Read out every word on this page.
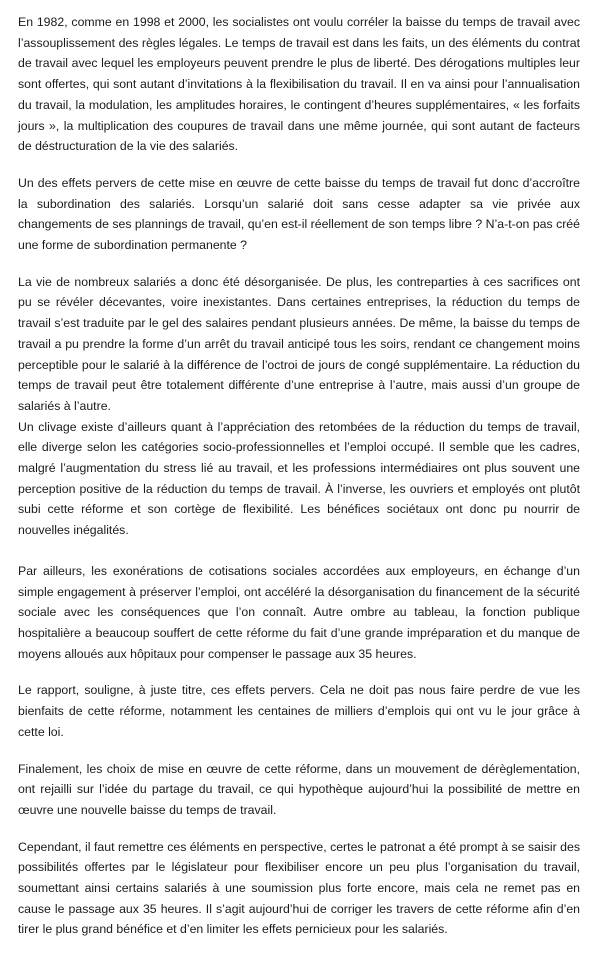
En 1982, comme en 1998 et 2000, les socialistes ont voulu corréler la baisse du temps de travail avec l’assouplissement des règles légales. Le temps de travail est dans les faits, un des éléments du contrat de travail avec lequel les employeurs peuvent prendre le plus de liberté. Des dérogations multiples leur sont offertes, qui sont autant d’invitations à la flexibilisation du travail. Il en va ainsi pour l’annualisation du travail, la modulation, les amplitudes horaires, le contingent d’heures supplémentaires, « les forfaits jours », la multiplication des coupures de travail dans une même journée, qui sont autant de facteurs de déstructuration de la vie des salariés.

Un des effets pervers de cette mise en œuvre de cette baisse du temps de travail fut donc d’accroître la subordination des salariés. Lorsqu’un salarié doit sans cesse adapter sa vie privée aux changements de ses plannings de travail, qu’en est-il réellement de son temps libre ? N’a-t-on pas créé une forme de subordination permanente ?

La vie de nombreux salariés a donc été désorganisée. De plus, les contreparties à ces sacrifices ont pu se révéler décevantes, voire inexistantes. Dans certaines entreprises, la réduction du temps de travail s’est traduite par le gel des salaires pendant plusieurs années. De même, la baisse du temps de travail a pu prendre la forme d’un arrêt du travail anticipé tous les soirs, rendant ce changement moins perceptible pour le salarié à la différence de l’octroi de jours de congé supplémentaire. La réduction du temps de travail peut être totalement différente d’une entreprise à l’autre, mais aussi d’un groupe de salariés à l’autre.

Un clivage existe d’ailleurs quant à l’appréciation des retombées de la réduction du temps de travail, elle diverge selon les catégories socio-professionnelles et l’emploi occupé. Il semble que les cadres, malgré l’augmentation du stress lié au travail, et les professions intermédiaires ont plus souvent une perception positive de la réduction du temps de travail. À l’inverse, les ouvriers et employés ont plutôt subi cette réforme et son cortège de flexibilité. Les bénéfices sociétaux ont donc pu nourrir de nouvelles inégalités.

Par ailleurs, les exonérations de cotisations sociales accordées aux employeurs, en échange d’un simple engagement à préserver l’emploi, ont accéléré la désorganisation du financement de la sécurité sociale avec les conséquences que l’on connaît. Autre ombre au tableau, la fonction publique hospitalière a beaucoup souffert de cette réforme du fait d’une grande impréparation et du manque de moyens alloués aux hôpitaux pour compenser le passage aux 35 heures.

Le rapport, souligne, à juste titre, ces effets pervers. Cela ne doit pas nous faire perdre de vue les bienfaits de cette réforme, notamment les centaines de milliers d’emplois qui ont vu le jour grâce à cette loi.

Finalement, les choix de mise en œuvre de cette réforme, dans un mouvement de dérèglementation, ont rejailli sur l’idée du partage du travail, ce qui hypothèque aujourd’hui la possibilité de mettre en œuvre une nouvelle baisse du temps de travail.

Cependant, il faut remettre ces éléments en perspective, certes le patronat a été prompt à se saisir des possibilités offertes par le législateur pour flexibiliser encore un peu plus l’organisation du travail, soumettant ainsi certains salariés à une soumission plus forte encore, mais cela ne remet pas en cause le passage aux 35 heures. Il s’agit aujourd’hui de corriger les travers de cette réforme afin d’en tirer le plus grand bénéfice et d’en limiter les effets pernicieux pour les salariés.
